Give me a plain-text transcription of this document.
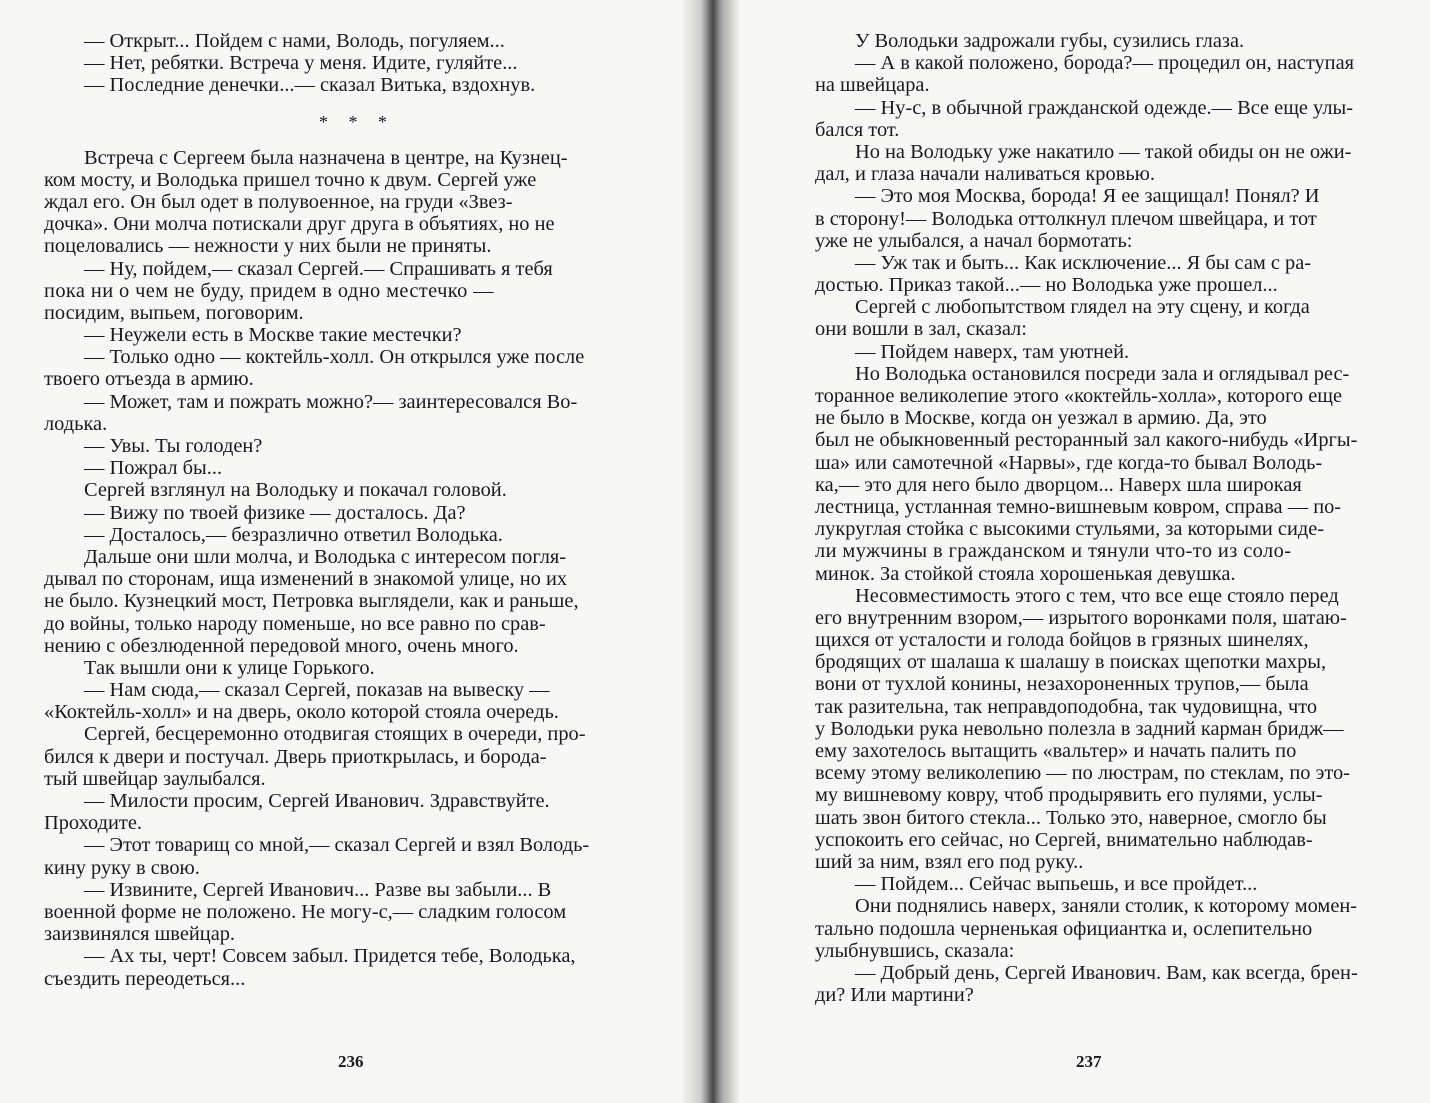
— Открыт... Пойдем с нами, Володь, погуляем...
— Нет, ребятки. Встреча у меня. Идите, гуляйте...
— Последние денечки...— сказал Витька, вздохнув.
* * *
Встреча с Сергеем была назначена в центре, на Кузнец-
ком мосту, и Володька пришел точно к двум. Сергей уже
ждал его. Он был одет в полувоенное, на груди «Звез-
дочка». Они молча потискали друг друга в объятиях, но не
поцеловались — нежности у них были не приняты.
— Ну, пойдем,— сказал Сергей.— Спрашивать я тебя
пока ни о чем не буду, придем в одно местечко —
посидим, выпьем, поговорим.
— Неужели есть в Москве такие местечки?
— Только одно — коктейль-холл. Он открылся уже после
твоего отъезда в армию.
— Может, там и пожрать можно?— заинтересовался Во-
лодька.
— Увы. Ты голоден?
— Пожрал бы...
Сергей взглянул на Володьку и покачал головой.
— Вижу по твоей физике — досталось. Да?
— Досталось,— безразлично ответил Володька.
Дальше они шли молча, и Володька с интересом погля-
дывал по сторонам, ища изменений в знакомой улице, но их
не было. Кузнецкий мост, Петровка выглядели, как и раньше,
до войны, только народу поменьше, но все равно по срав-
нению с обезлюденной передовой много, очень много.
Так вышли они к улице Горького.
— Нам сюда,— сказал Сергей, показав на вывеску —
«Коктейль-холл» и на дверь, около которой стояла очередь.
Сергей, бесцеремонно отодвигая стоящих в очереди, про-
бился к двери и постучал. Дверь приоткрылась, и борода-
тый швейцар заулыбался.
— Милости просим, Сергей Иванович. Здравствуйте.
Проходите.
— Этот товарищ со мной,— сказал Сергей и взял Володь-
кину руку в свою.
— Извините, Сергей Иванович... Разве вы забыли... В
военной форме не положено. Не могу-с,— сладким голосом
заизвинялся швейцар.
— Ах ты, черт! Совсем забыл. Придется тебе, Володька,
съездить переодеться...
236
У Володьки задрожали губы, сузились глаза.
— А в какой положено, борода?— процедил он, наступая
на швейцара.
— Ну-с, в обычной гражданской одежде.— Все еще улы-
бался тот.
Но на Володьку уже накатило — такой обиды он не ожи-
дал, и глаза начали наливаться кровью.
— Это моя Москва, борода! Я ее защищал! Понял? И
в сторону!— Володька оттолкнул плечом швейцара, и тот
уже не улыбался, а начал бормотать:
— Уж так и быть... Как исключение... Я бы сам с ра-
достью. Приказ такой...— но Володька уже прошел...
Сергей с любопытством глядел на эту сцену, и когда
они вошли в зал, сказал:
— Пойдем наверх, там уютней.
Но Володька остановился посреди зала и оглядывал рес-
торанное великолепие этого «коктейль-холла», которого еще
не было в Москве, когда он уезжал в армию. Да, это
был не обыкновенный ресторанный зал какого-нибудь «Иргы-
ша» или самотечной «Нарвы», где когда-то бывал Володь-
ка,— это для него было дворцом... Наверх шла широкая
лестница, устланная темно-вишневым ковром, справа — по-
лукруглая стойка с высокими стульями, за которыми сиде-
ли мужчины в гражданском и тянули что-то из соло-
минок. За стойкой стояла хорошенькая девушка.
Несовместимость этого с тем, что все еще стояло перед
его внутренним взором,— изрытого воронками поля, шатаю-
щихся от усталости и голода бойцов в грязных шинелях,
бродящих от шалаша к шалашу в поисках щепотки махры,
вони от тухлой конины, незахороненных трупов,— была
так разительна, так неправдоподобна, так чудовищна, что
у Володьки рука невольно полезла в задний карман бридж—
ему захотелось вытащить «вальтер» и начать палить по
всему этому великолепию — по люстрам, по стеклам, по это-
му вишневому ковру, чтоб продырявить его пулями, услы-
шать звон битого стекла... Только это, наверное, смогло бы
успокоить его сейчас, но Сергей, внимательно наблюдав-
ший за ним, взял его под руку..
— Пойдем... Сейчас выпьешь, и все пройдет...
Они поднялись наверх, заняли столик, к которому момен-
тально подошла черненькая официантка и, ослепительно
улыбнувшись, сказала:
— Добрый день, Сергей Иванович. Вам, как всегда, брен-
ди? Или мартини?
237
